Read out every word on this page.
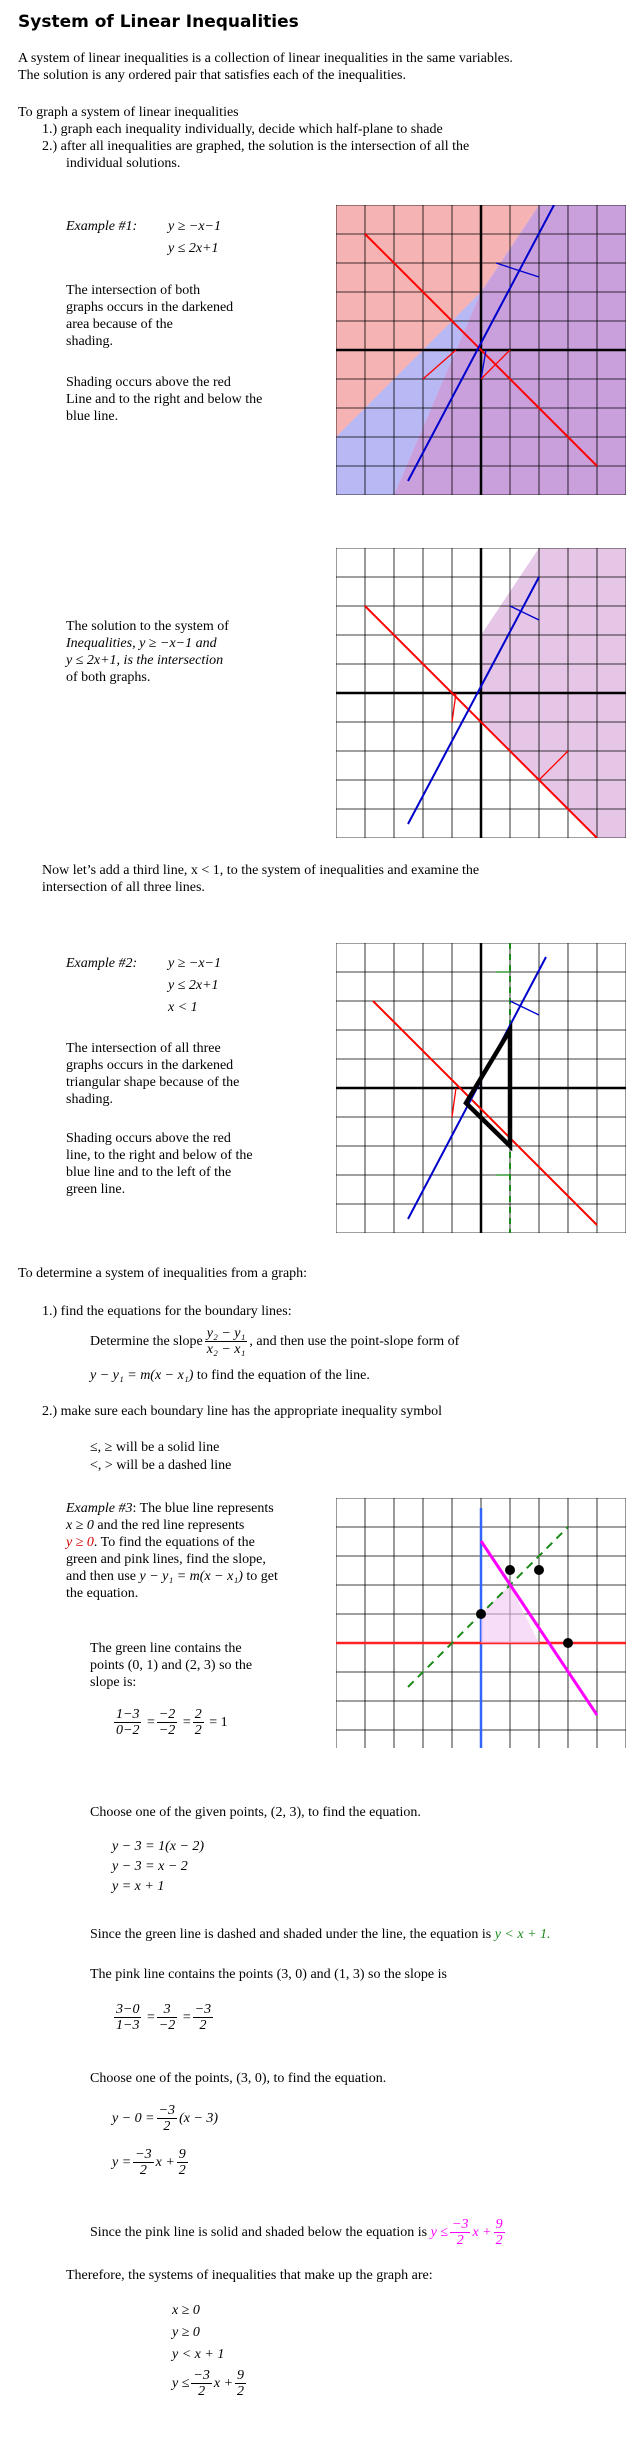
System of Linear Inequalities
A system of linear inequalities is a collection of linear inequalities in the same variables.
The solution is any ordered pair that satisfies each of the inequalities.
To graph a system of linear inequalities
1.) graph each inequality individually, decide which half-plane to shade
2.) after all inequalities are graphed, the solution is the intersection of all the
individual solutions.
Example #1: y ≥ −x−1
y ≤ 2x+1
The intersection of both
graphs occurs in the darkened
area because of the
shading.
Shading occurs above the red
Line and to the right and below the
blue line.
The solution to the system of
Inequalities, y ≥ −x−1 and
y ≤ 2x+1, is the intersection
of both graphs.
Now let’s add a third line, x < 1, to the system of inequalities and examine the
intersection of all three lines.
Example #2: y ≥ −x−1
y ≤ 2x+1
x < 1
The intersection of all three
graphs occurs in the darkened
triangular shape because of the
shading.
Shading occurs above the red
line, to the right and below of the
blue line and to the left of the
green line.
To determine a system of inequalities from a graph:
1.) find the equations for the boundary lines:
Determine the slope $\frac{\text{y₂ − y₁}}{\text{x₂ − x₁}}$ , and then use the point-slope form of
y − y₁ = m(x − x₁) to find the equation of the line.
2.) make sure each boundary line has the appropriate inequality symbol
≤, ≥ will be a solid line
<, > will be a dashed line
Example #3: The blue line represents
x ≥ 0 and the red line represents
y ≥ 0. To find the equations of the
green and pink lines, find the slope,
and then use y − y₁ = m(x − x₁) to get
the equation.
The green line contains the
points (0, 1) and (2, 3) so the
slope is:
$\frac{1-3}{0-2} = \frac{-2}{-2} = \frac{2}{2}$
= 1
Choose one of the given points, (2, 3), to find the equation.
y − 3 = 1(x − 2)
y − 3 = x − 2
y = x + 1
Since the green line is dashed and shaded under the line, the equation is y < x + 1.
The pink line contains the points (3, 0) and (1, 3) so the slope is
$\frac{3-0}{1-3} = \frac{3}{-2} = \frac{-3}{2}$
Choose one of the points, (3, 0), to find the equation.
$y - 0 = \frac{-3}{2} (x - 3)$
$y = \frac{-3}{2}$ $x + \frac{9}{2}$
Since the pink line is solid and shaded below the equation is
$y \le \frac{-3}{2}$ $x + \frac{9}{2}$
Therefore, the systems of inequalities that make up the graph are:
x ≥ 0
y ≥ 0
y < x + 1
$y \le \frac{-3}{2}$ $x + \frac{9}{2}$
